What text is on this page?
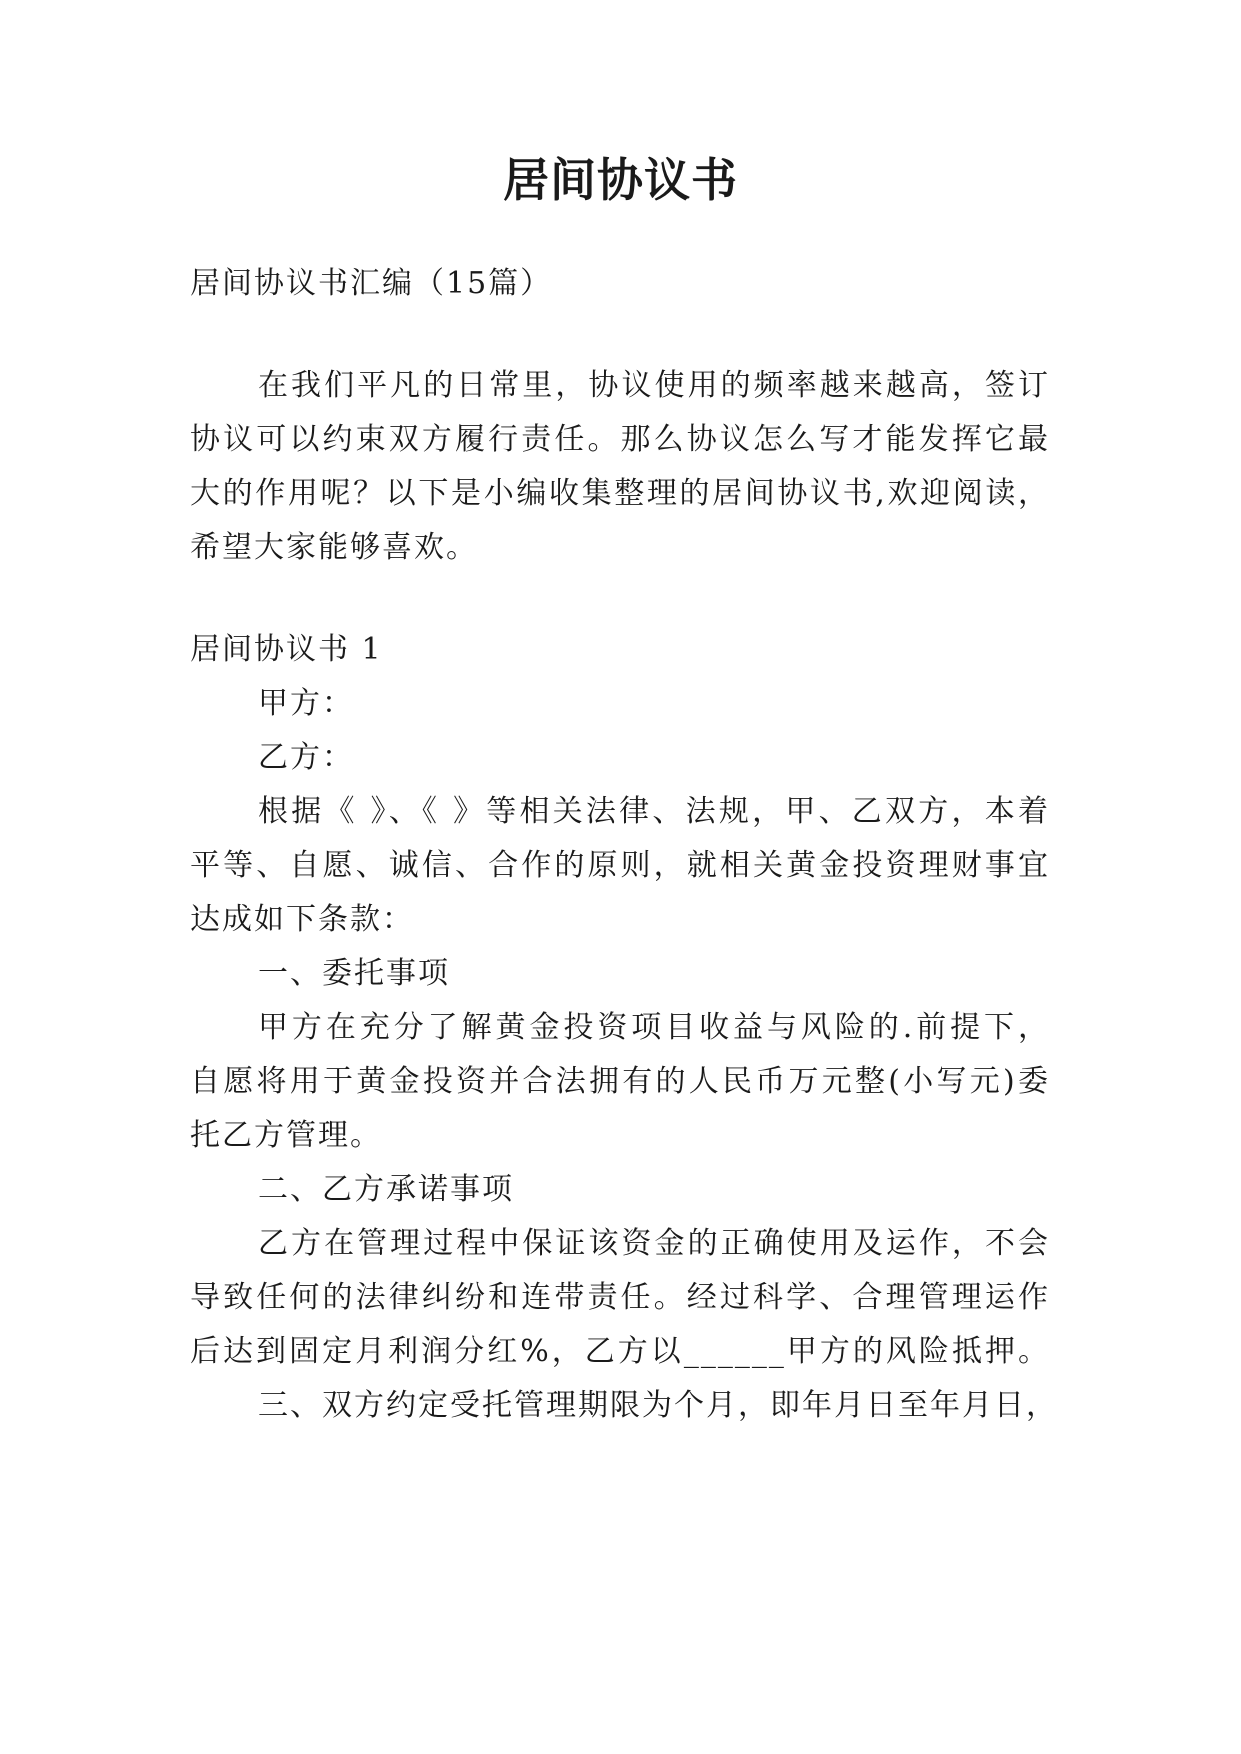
居间协议书

居间协议书汇编（15篇）

在我们平凡的日常里，协议使用的频率越来越高，签订

协议可以约束双方履行责任。那么协议怎么写才能发挥它最

大的作用呢？以下是小编收集整理的居间协议书,欢迎阅读，

希望大家能够喜欢。

居间协议书 1

甲方：

乙方：

根据《 》、《 》等相关法律、法规，甲、乙双方，本着

平等、自愿、诚信、合作的原则，就相关黄金投资理财事宜

达成如下条款：

一、委托事项

甲方在充分了解黄金投资项目收益与风险的.前提下，

自愿将用于黄金投资并合法拥有的人民币万元整(小写元)委

托乙方管理。

二、乙方承诺事项

乙方在管理过程中保证该资金的正确使用及运作，不会

导致任何的法律纠纷和连带责任。经过科学、合理管理运作

后达到固定月利润分红%，乙方以______甲方的风险抵押。

三、双方约定受托管理期限为个月，即年月日至年月日，
